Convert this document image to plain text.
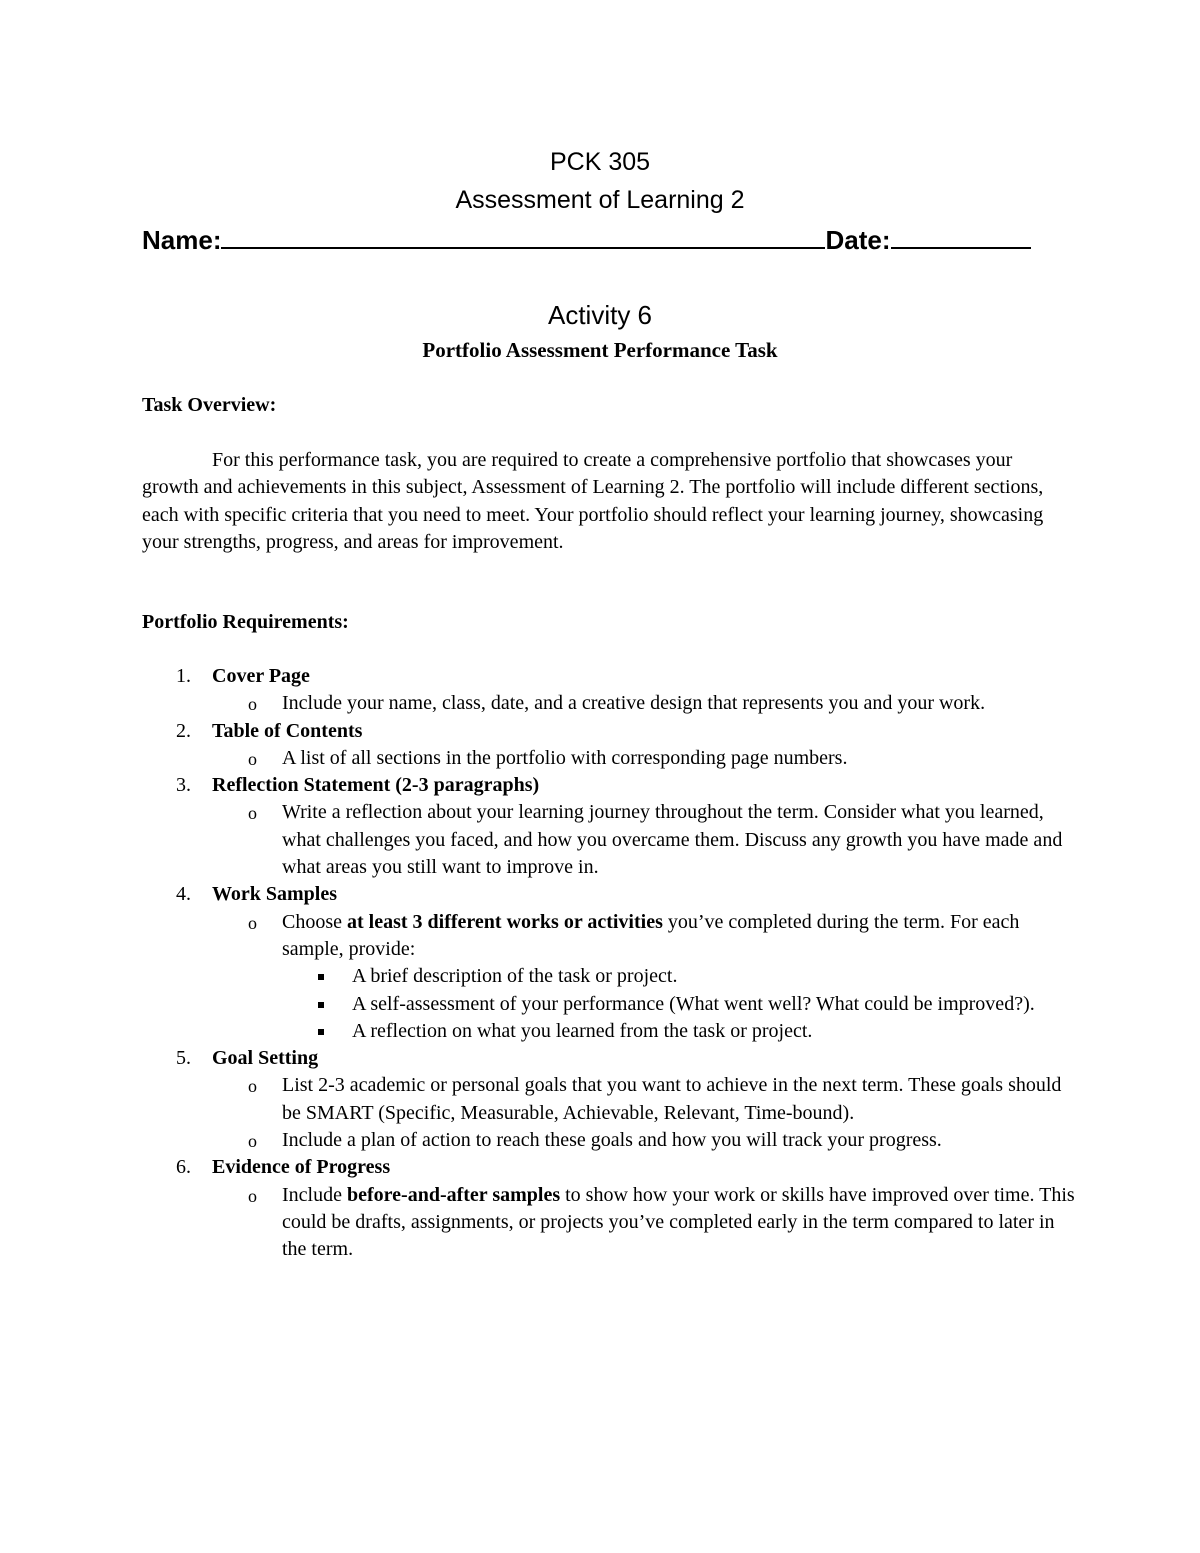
PCK 305
Assessment of Learning 2
Name:	Date:
Activity 6
Portfolio Assessment Performance Task
Task Overview:

For this performance task, you are required to create a comprehensive portfolio that showcases your growth and achievements in this subject, Assessment of Learning 2. The portfolio will include different sections, each with specific criteria that you need to meet. Your portfolio should reflect your learning journey, showcasing your strengths, progress, and areas for improvement.

Portfolio Requirements:
1.	Cover Page
o Include your name, class, date, and a creative design that represents you and your work.
2.	Table of Contents
o A list of all sections in the portfolio with corresponding page numbers.
3.	Reflection Statement (2-3 paragraphs)
o Write a reflection about your learning journey throughout the term. Consider what you learned, what challenges you faced, and how you overcame them. Discuss any growth you have made and what areas you still want to improve in.
4.	Work Samples
o Choose at least 3 different works or activities you’ve completed during the term. For each sample, provide:
A brief description of the task or project.
A self-assessment of your performance (What went well? What could be improved?).
A reflection on what you learned from the task or project.
5.	Goal Setting
o List 2-3 academic or personal goals that you want to achieve in the next term. These goals should be SMART (Specific, Measurable, Achievable, Relevant, Time-bound).
o Include a plan of action to reach these goals and how you will track your progress.
6.	Evidence of Progress
o Include before-and-after samples to show how your work or skills have improved over time. This could be drafts, assignments, or projects you’ve completed early in the term compared to later in the term.
